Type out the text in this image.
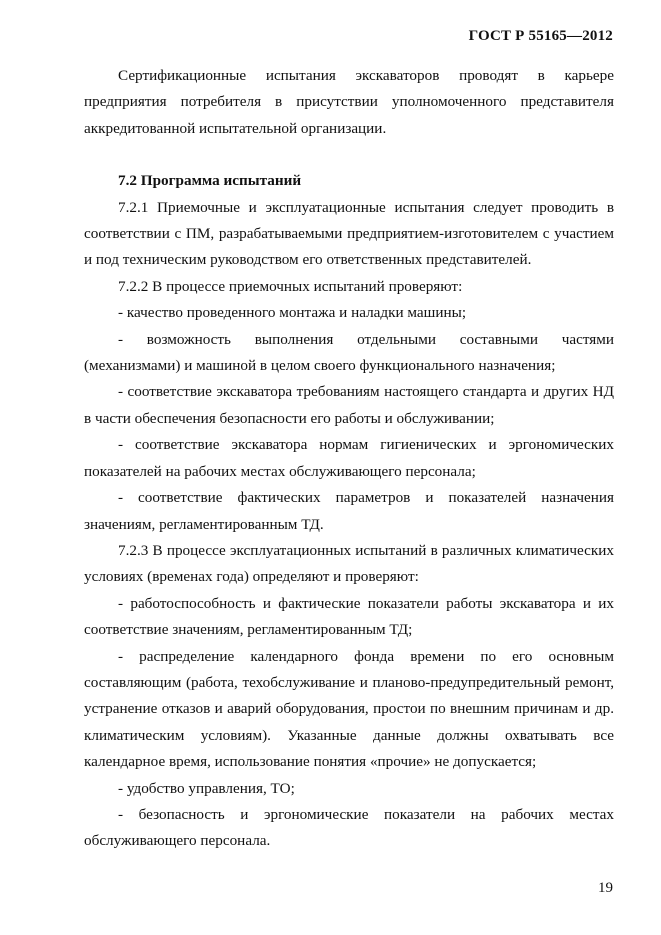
ГОСТ Р 55165—2012

Сертификационные испытания экскаваторов проводят в карьере предприятия потребителя в присутствии уполномоченного представителя аккредитованной испытательной организации.

7.2 Программа испытаний

7.2.1 Приемочные и эксплуатационные испытания следует проводить в соответствии с ПМ, разрабатываемыми предприятием-изготовителем с участием и под техническим руководством его ответственных представителей.

7.2.2 В процессе приемочных испытаний проверяют:

- качество проведенного монтажа и наладки машины;

- возможность выполнения отдельными составными частями (механизмами) и машиной в целом своего функционального назначения;

- соответствие экскаватора требованиям настоящего стандарта и других НД в части обеспечения безопасности его работы и обслуживании;

- соответствие экскаватора нормам гигиенических и эргономических показателей на рабочих местах обслуживающего персонала;

- соответствие фактических параметров и показателей назначения значениям, регламентированным ТД.

7.2.3 В процессе эксплуатационных испытаний в различных климатических условиях (временах года) определяют и проверяют:

- работоспособность и фактические показатели работы экскаватора и их соответствие значениям, регламентированным ТД;

- распределение календарного фонда времени по его основным составляющим (работа, техобслуживание и планово-предупредительный ремонт, устранение отказов и аварий оборудования, простои по внешним причинам и др. климатическим условиям). Указанные данные должны охватывать все календарное время, использование понятия «прочие» не допускается;

- удобство управления, ТО;

- безопасность и эргономические показатели на рабочих местах обслуживающего персонала.

19
